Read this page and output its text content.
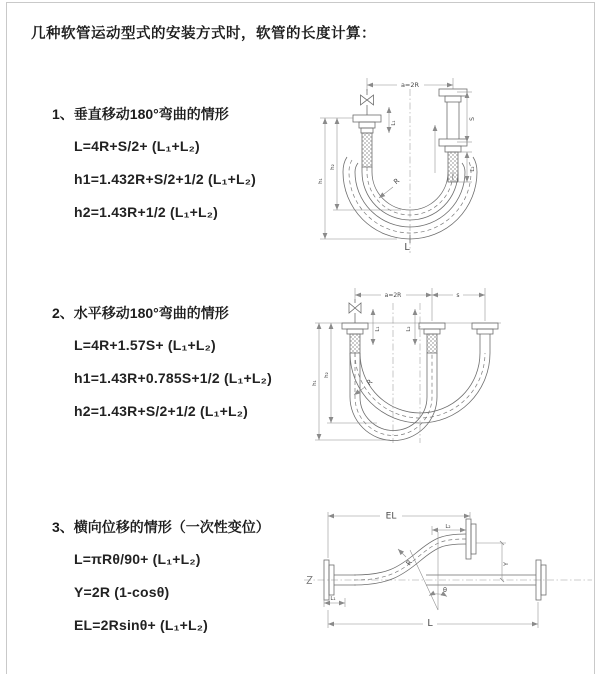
几种软管运动型式的安装方式时，软管的长度计算：
1、垂直移动180°弯曲的情形
L=4R+S/2+ (L₁+L₂)
h1=1.432R+S/2+1/2 (L₁+L₂)
h2=1.43R+1/2 (L₁+L₂)
2、水平移动180°弯曲的情形
L=4R+1.57S+ (L₁+L₂)
h1=1.43R+0.785S+1/2 (L₁+L₂)
h2=1.43R+S/2+1/2 (L₁+L₂)
3、横向位移的情形（一次性变位）
L=πRθ/90+ (L₁+L₂)
Y=2R (1-cosθ)
EL=2Rsinθ+ (L₁+L₂)
a=2R
L₁
S
L₂
h₁
h₂
R
L
a=2R	s
L₁	L₂
h₁
h₂
R
θ
R
EL
L₂
Y
L₁
L
